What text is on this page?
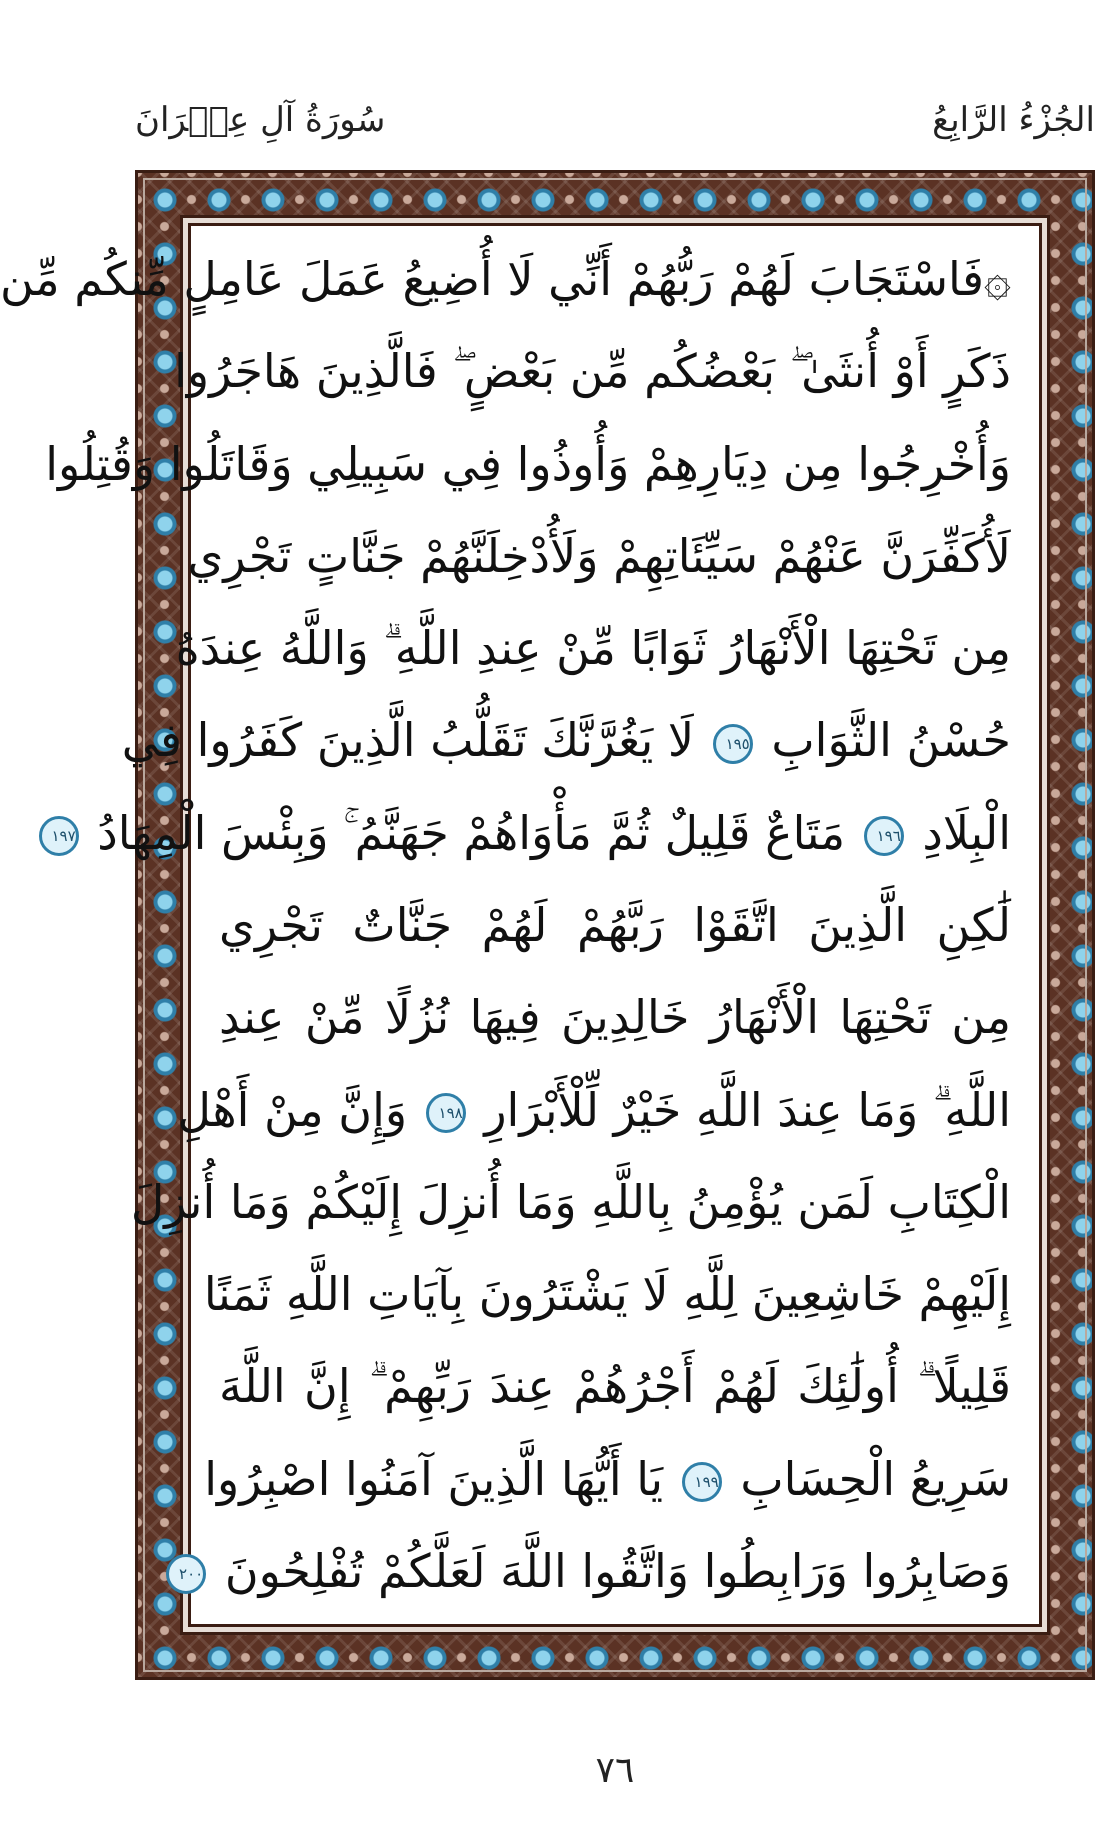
الجُزْءُ الرَّابِعُ
سُورَةُ آلِ عِمۡرَانَ
۞فَاسْتَجَابَ لَهُمْ رَبُّهُمْ أَنِّي لَا أُضِيعُ عَمَلَ عَامِلٍ مِّنكُم مِّن
ذَكَرٍ أَوْ أُنثَىٰ ۖ بَعْضُكُم مِّن بَعْضٍ ۖ فَالَّذِينَ هَاجَرُوا
وَأُخْرِجُوا مِن دِيَارِهِمْ وَأُوذُوا فِي سَبِيلِي وَقَاتَلُوا وَقُتِلُوا
لَأُكَفِّرَنَّ عَنْهُمْ سَيِّئَاتِهِمْ وَلَأُدْخِلَنَّهُمْ جَنَّاتٍ تَجْرِي
مِن تَحْتِهَا الْأَنْهَارُ ثَوَابًا مِّنْ عِندِ اللَّهِ ۗ وَاللَّهُ عِندَهُ
حُسْنُ الثَّوَابِ ١٩٥ لَا يَغُرَّنَّكَ تَقَلُّبُ الَّذِينَ كَفَرُوا فِي
الْبِلَادِ ١٩٦ مَتَاعٌ قَلِيلٌ ثُمَّ مَأْوَاهُمْ جَهَنَّمُ ۚ وَبِئْسَ الْمِهَادُ ١٩٧
لَٰكِنِ الَّذِينَ اتَّقَوْا رَبَّهُمْ لَهُمْ جَنَّاتٌ تَجْرِي
مِن تَحْتِهَا الْأَنْهَارُ خَالِدِينَ فِيهَا نُزُلًا مِّنْ عِندِ
اللَّهِ ۗ وَمَا عِندَ اللَّهِ خَيْرٌ لِّلْأَبْرَارِ ١٩٨ وَإِنَّ مِنْ أَهْلِ
الْكِتَابِ لَمَن يُؤْمِنُ بِاللَّهِ وَمَا أُنزِلَ إِلَيْكُمْ وَمَا أُنزِلَ
إِلَيْهِمْ خَاشِعِينَ لِلَّهِ لَا يَشْتَرُونَ بِآيَاتِ اللَّهِ ثَمَنًا
قَلِيلًا ۗ أُولَٰئِكَ لَهُمْ أَجْرُهُمْ عِندَ رَبِّهِمْ ۗ إِنَّ اللَّهَ
سَرِيعُ الْحِسَابِ ١٩٩ يَا أَيُّهَا الَّذِينَ آمَنُوا اصْبِرُوا
وَصَابِرُوا وَرَابِطُوا وَاتَّقُوا اللَّهَ لَعَلَّكُمْ تُفْلِحُونَ ٢٠٠
٧٦
